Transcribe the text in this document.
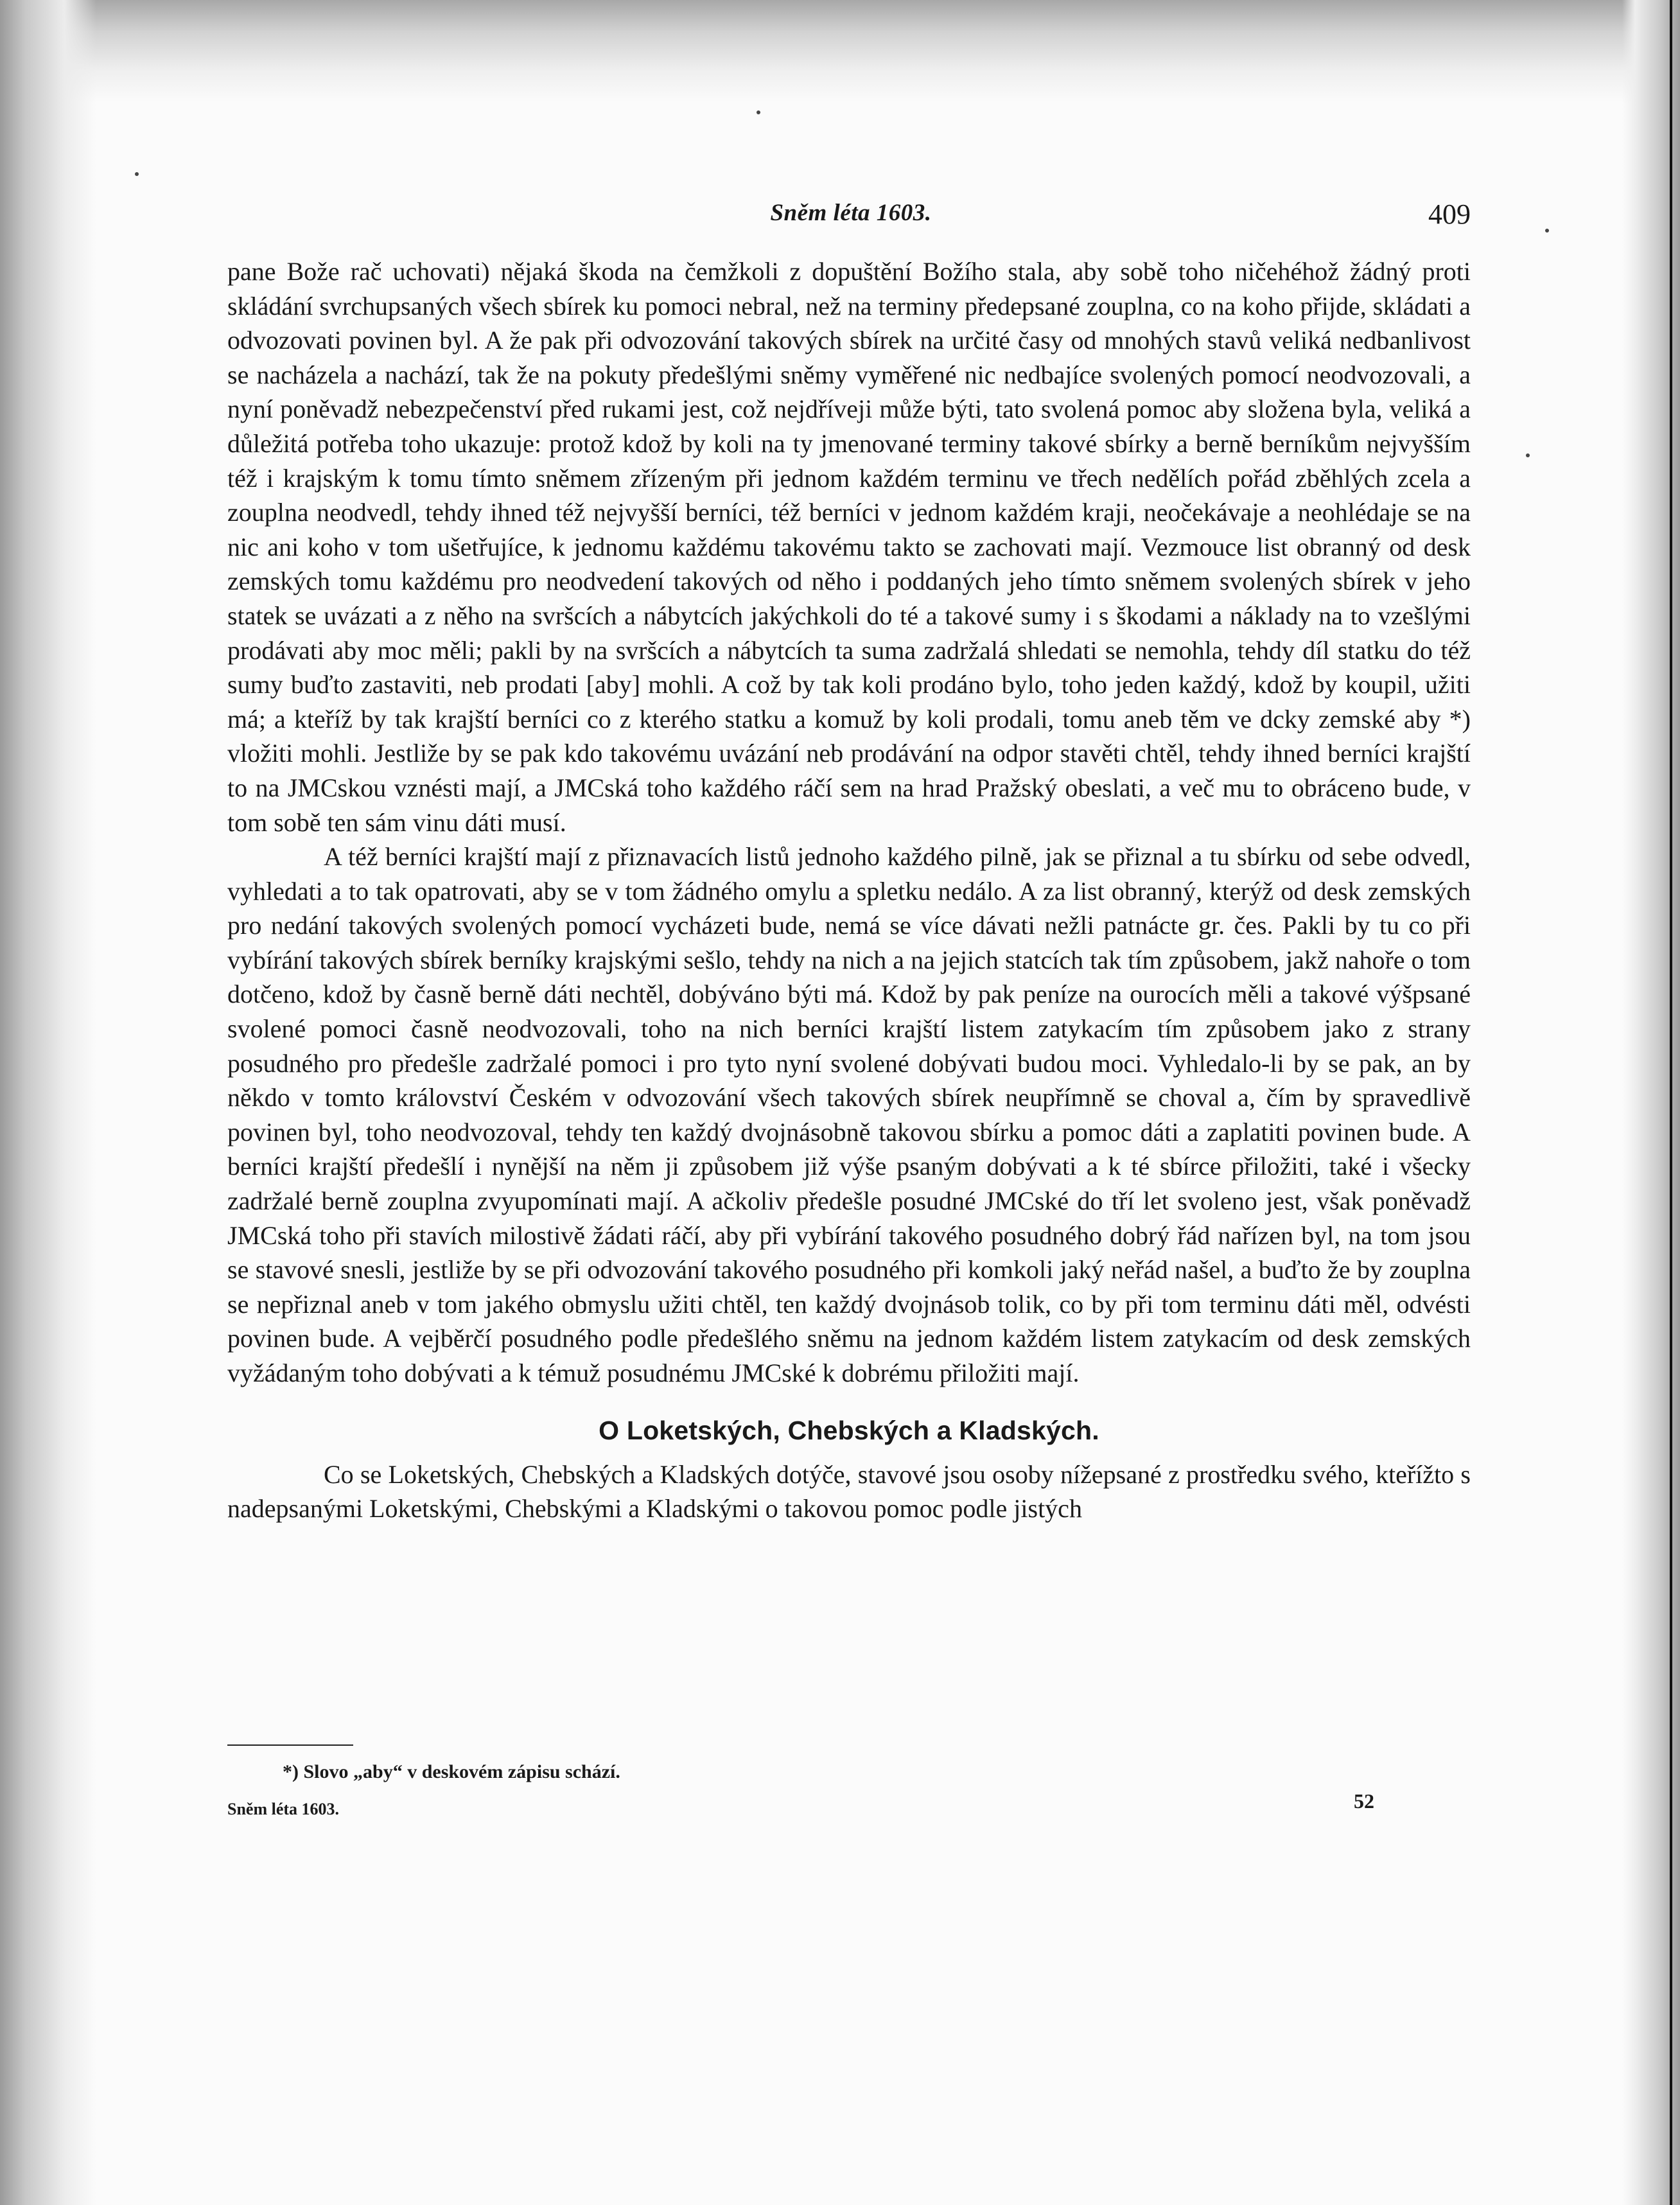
Sněm léta 1603.	409

pane Bože rač uchovati) nějaká škoda na čemžkoli z dopuštění Božího stala, aby sobě toho ničehéhož žádný proti skládání svrchupsaných všech sbírek ku pomoci nebral, než na terminy předepsané zouplna, co na koho přijde, skládati a odvozovati povinen byl. A že pak při odvozování takových sbírek na určité časy od mnohých stavů veliká nedbanlivost se nacházela a nachází, tak že na pokuty předešlými sněmy vyměřené nic nedbajíce svolených pomocí neodvozovali, a nyní poněvadž nebezpečenství před rukami jest, což nejdříveji může býti, tato svolená pomoc aby složena byla, veliká a důležitá potřeba toho ukazuje: protož kdož by koli na ty jmenované terminy takové sbírky a berně berníkům nejvyšším též i krajským k tomu tímto sněmem zřízeným při jednom každém terminu ve třech nedělích pořád zběhlých zcela a zouplna neodvedl, tehdy ihned též nejvyšší berníci, též berníci v jednom každém kraji, neočekávaje a neohlédaje se na nic ani koho v tom ušetřujíce, k jednomu každému takovému takto se zachovati mají. Vezmouce list obranný od desk zemských tomu každému pro neodvedení takových od něho i poddaných jeho tímto sněmem svolených sbírek v jeho statek se uvázati a z něho na svršcích a nábytcích jakýchkoli do té a takové sumy i s škodami a náklady na to vzešlými prodávati aby moc měli; pakli by na svršcích a nábytcích ta suma zadržalá shledati se nemohla, tehdy díl statku do též sumy buďto zastaviti, neb prodati [aby] mohli. A což by tak koli prodáno bylo, toho jeden každý, kdož by koupil, užiti má; a kteříž by tak krajští berníci co z kterého statku a komuž by koli prodali, tomu aneb těm ve dcky zemské aby *) vložiti mohli. Jestliže by se pak kdo takovému uvázání neb prodávání na odpor stavěti chtěl, tehdy ihned berníci krajští to na JMCskou vznésti mají, a JMCská toho každého ráčí sem na hrad Pražský obeslati, a več mu to obráceno bude, v tom sobě ten sám vinu dáti musí.

A též berníci krajští mají z přiznavacích listů jednoho každého pilně, jak se přiznal a tu sbírku od sebe odvedl, vyhledati a to tak opatrovati, aby se v tom žádného omylu a spletku nedálo. A za list obranný, kterýž od desk zemských pro nedání takových svolených pomocí vycházeti bude, nemá se více dávati nežli patnácte gr. čes. Pakli by tu co při vybírání takových sbírek berníky krajskými sešlo, tehdy na nich a na jejich statcích tak tím způsobem, jakž nahoře o tom dotčeno, kdož by časně berně dáti nechtěl, dobýváno býti má. Kdož by pak peníze na ourocích měli a takové výšpsané svolené pomoci časně neodvozovali, toho na nich berníci krajští listem zatykacím tím způsobem jako z strany posudného pro předešle zadržalé pomoci i pro tyto nyní svolené dobývati budou moci. Vyhledalo-li by se pak, an by někdo v tomto království Českém v odvozování všech takových sbírek neupřímně se choval a, čím by spravedlivě povinen byl, toho neodvozoval, tehdy ten každý dvojnásobně takovou sbírku a pomoc dáti a zaplatiti povinen bude. A berníci krajští předešlí i nynější na něm ji způsobem již výše psaným dobývati a k té sbírce přiložiti, také i všecky zadržalé berně zouplna zvyupomínati mají. A ačkoliv předešle posudné JMCské do tří let svoleno jest, však poněvadž JMCská toho při stavích milostivě žádati ráčí, aby při vybírání takového posudného dobrý řád nařízen byl, na tom jsou se stavové snesli, jestliže by se při odvozování takového posudného při komkoli jaký neřád našel, a buďto že by zouplna se nepřiznal aneb v tom jakého obmyslu užiti chtěl, ten každý dvojnásob tolik, co by při tom terminu dáti měl, odvésti povinen bude. A vejběrčí posudného podle předešlého sněmu na jednom každém listem zatykacím od desk zemských vyžádaným toho dobývati a k témuž posudnému JMCské k dobrému přiložiti mají.

O Loketských, Chebských a Kladských.

Co se Loketských, Chebských a Kladských dotýče, stavové jsou osoby nížepsané z prostředku svého, kteřížto s nadepsanými Loketskými, Chebskými a Kladskými o takovou pomoc podle jistých

*) Slovo „aby“ v deskovém zápisu schází.
Sněm léta 1603.	52
